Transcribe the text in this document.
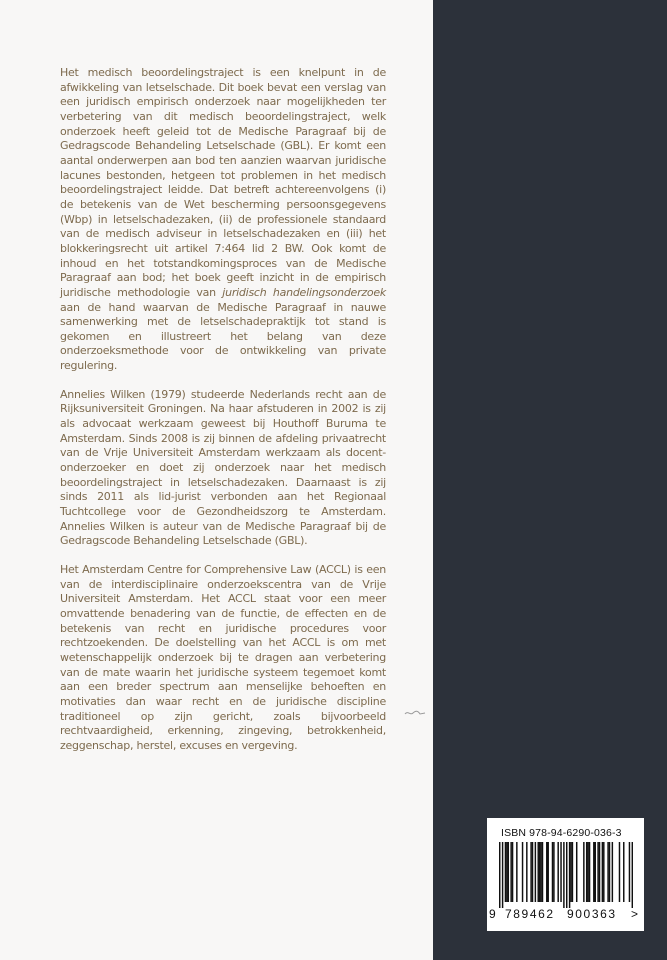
Het medisch beoordelingstraject is een knelpunt in de afwikkeling van letselschade. Dit boek bevat een verslag van een juridisch empirisch onderzoek naar mogelijkheden ter verbetering van dit medisch beoordelingstraject, welk onderzoek heeft geleid tot de Medische Paragraaf bij de Gedragscode Behandeling Letselschade (GBL). Er komt een aantal onderwerpen aan bod ten aanzien waarvan juridische lacunes bestonden, hetgeen tot problemen in het medisch beoordelingstraject leidde. Dat betreft achtereenvolgens (i) de betekenis van de Wet bescherming persoonsgegevens (Wbp) in letselschadezaken, (ii) de professionele standaard van de medisch adviseur in letselschadezaken en (iii) het blokkeringsrecht uit artikel 7:464 lid 2 BW. Ook komt de inhoud en het totstandkomingsproces van de Medische Paragraaf aan bod; het boek geeft inzicht in de empirisch juridische methodologie van juridisch handelingsonderzoek aan de hand waarvan de Medische Paragraaf in nauwe samenwerking met de letselschadepraktijk tot stand is gekomen en illustreert het belang van deze onderzoeksmethode voor de ontwikkeling van private regulering.

Annelies Wilken (1979) studeerde Nederlands recht aan de Rijksuniversiteit Groningen. Na haar afstuderen in 2002 is zij als advocaat werkzaam geweest bij Houthoff Buruma te Amsterdam. Sinds 2008 is zij binnen de afdeling privaatrecht van de Vrije Universiteit Amsterdam werkzaam als docent-onderzoeker en doet zij onderzoek naar het medisch beoordelingstraject in letselschadezaken. Daarnaast is zij sinds 2011 als lid-jurist verbonden aan het Regionaal Tuchtcollege voor de Gezondheidszorg te Amsterdam. Annelies Wilken is auteur van de Medische Paragraaf bij de Gedragscode Behandeling Letselschade (GBL).

Het Amsterdam Centre for Comprehensive Law (ACCL) is een van de interdisciplinaire onderzoekscentra van de Vrije Universiteit Amsterdam. Het ACCL staat voor een meer omvattende benadering van de functie, de effecten en de betekenis van recht en juridische procedures voor rechtzoekenden. De doelstelling van het ACCL is om met wetenschappelijk onderzoek bij te dragen aan verbetering van de mate waarin het juridische systeem tegemoet komt aan een breder spectrum aan menselijke behoeften en motivaties dan waar recht en de juridische discipline traditioneel op zijn gericht, zoals bijvoorbeeld rechtvaardigheid, erkenning, zingeving, betrokkenheid, zeggenschap, herstel, excuses en vergeving.

ISBN 978-94-6290-036-3
9 789462 900363 >
